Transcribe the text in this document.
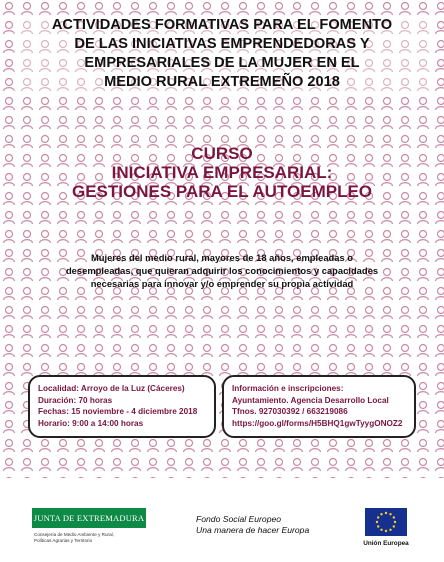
ACTIVIDADES FORMATIVAS PARA EL FOMENTO
DE LAS INICIATIVAS EMPRENDEDORAS Y
EMPRESARIALES DE LA MUJER EN EL
MEDIO RURAL EXTREMEÑO 2018
CURSO
INICIATIVA EMPRESARIAL:
GESTIONES PARA EL AUTOEMPLEO
Mujeres del medio rural, mayores de 18 años, empleadas o
desempleadas, que quieran adquirir los conocimientos y capacidades
necesarias para innovar y/o emprender su propia actividad
Localidad: Arroyo de la Luz (Cáceres)
Duración: 70 horas
Fechas: 15 noviembre - 4 diciembre 2018
Horario: 9:00 a 14:00 horas
Información e inscripciones:
Ayuntamiento. Agencia Desarrollo Local
Tfnos. 927030392 / 663219086
https://goo.gl/forms/H5BHQ1gwTyygONOZ2
JUNTA DE EXTREMADURA
Consejería de Medio Ambiente y Rural,
Políticas Agrarias y Territorio
Fondo Social Europeo
Una manera de hacer Europa
Unión Europea
